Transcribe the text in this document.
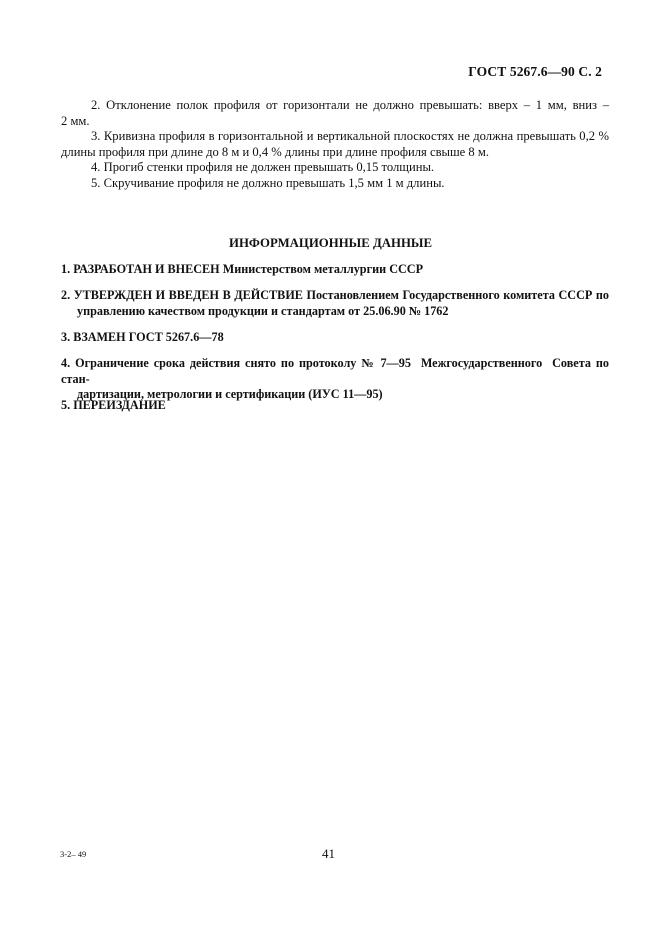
ГОСТ 5267.6—90 С. 2

2. Отклонение полок профиля от горизонтали не должно превышать: вверх – 1 мм, вниз –

2 мм.

3. Кривизна профиля в горизонтальной и вертикальной плоскостях не должна превышать 0,2 %

длины профиля при длине до 8 м и 0,4 % длины при длине профиля свыше 8 м.

4. Прогиб стенки профиля не должен превышать 0,15 толщины.

5. Скручивание профиля не должно превышать 1,5 мм 1 м длины.

ИНФОРМАЦИОННЫЕ ДАННЫЕ
1. РАЗРАБОТАН И ВНЕСЕН Министерством металлургии СССР
2. УТВЕРЖДЕН И ВВЕДЕН В ДЕЙСТВИЕ Постановлением Государственного комитета СССР по
управлению качеством продукции и стандартам от 25.06.90 № 1762
3. ВЗАМЕН ГОСТ 5267.6—78
4. Ограничение срока действия снято по протоколу № 7—95  Межгосударственного  Совета по стан-
дартизации, метрологии и сертификации (ИУС 11—95)
5. ПЕРЕИЗДАНИЕ
3-2– 49	41
